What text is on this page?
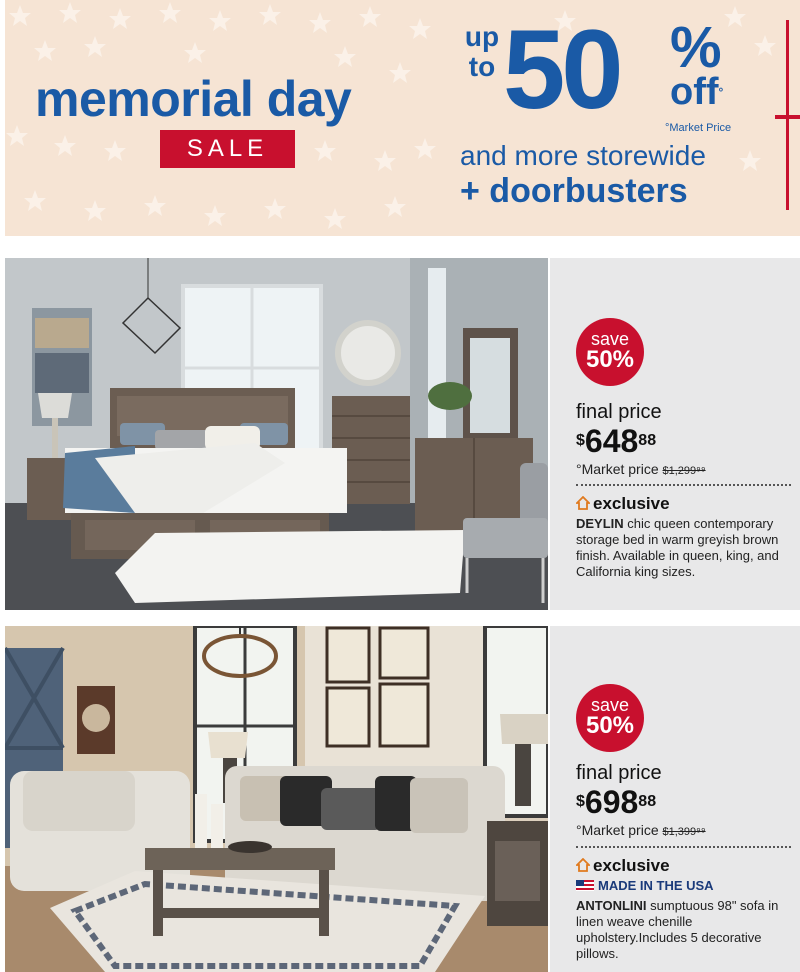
memorial day
SALE
up to 50 %
off°
°Market Price
and more storewide
+ doorbusters
save
50%
final price
$^{\$}648^{88}$
°Market price $1,299⁹⁹
exclusive
DEYLIN chic queen contemporary storage bed in warm greyish brown finish. Available in queen, king, and California king sizes.
save
50%
final price
$^{\$}698^{88}$
°Market price $1,399⁹⁹
exclusive
MADE IN THE USA
ANTONLINI sumptuous 98" sofa in linen weave chenille upholstery.Includes 5 decorative pillows.
